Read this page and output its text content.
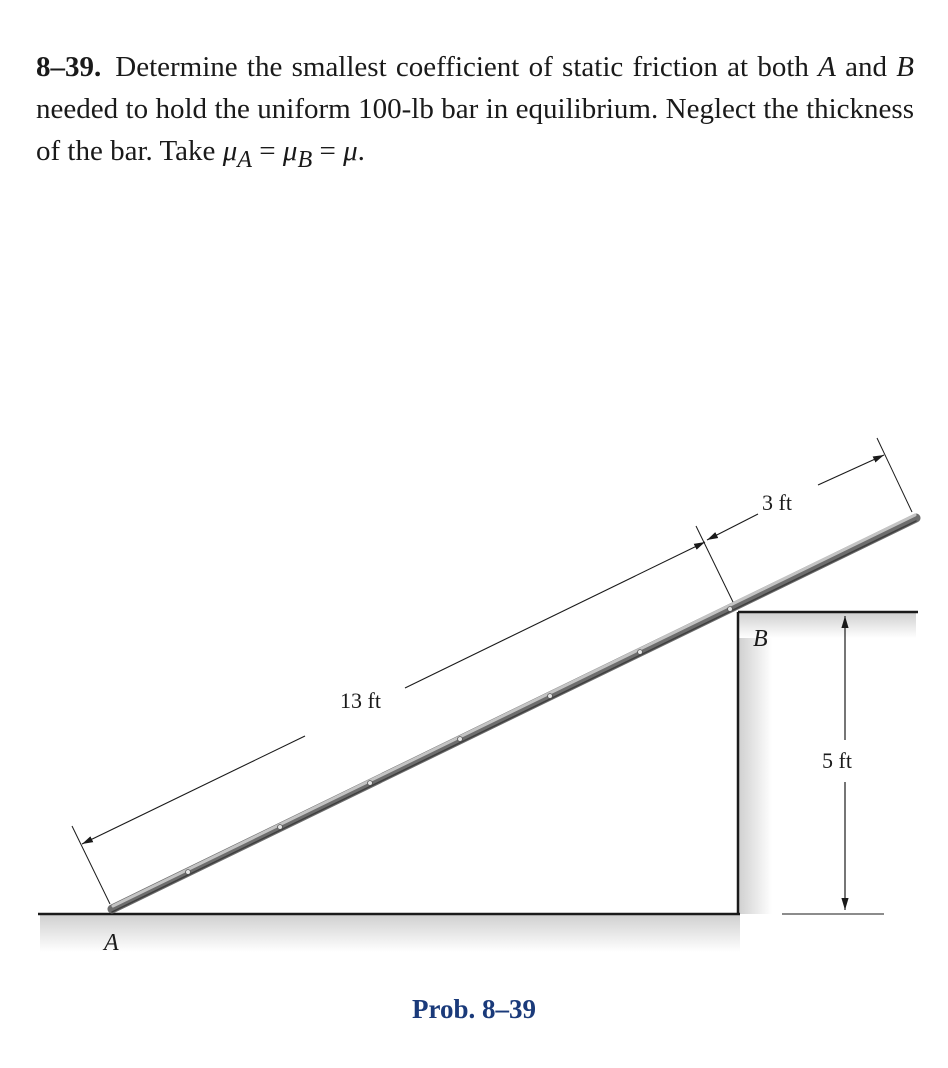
8–39. Determine the smallest coefficient of static friction at both A and B needed to hold the uniform 100-lb bar in equilibrium. Neglect the thickness of the bar. Take $\mu_A = \mu_B = \mu$.
5 ft
13 ft
3 ft
A
B
Prob. 8–39
